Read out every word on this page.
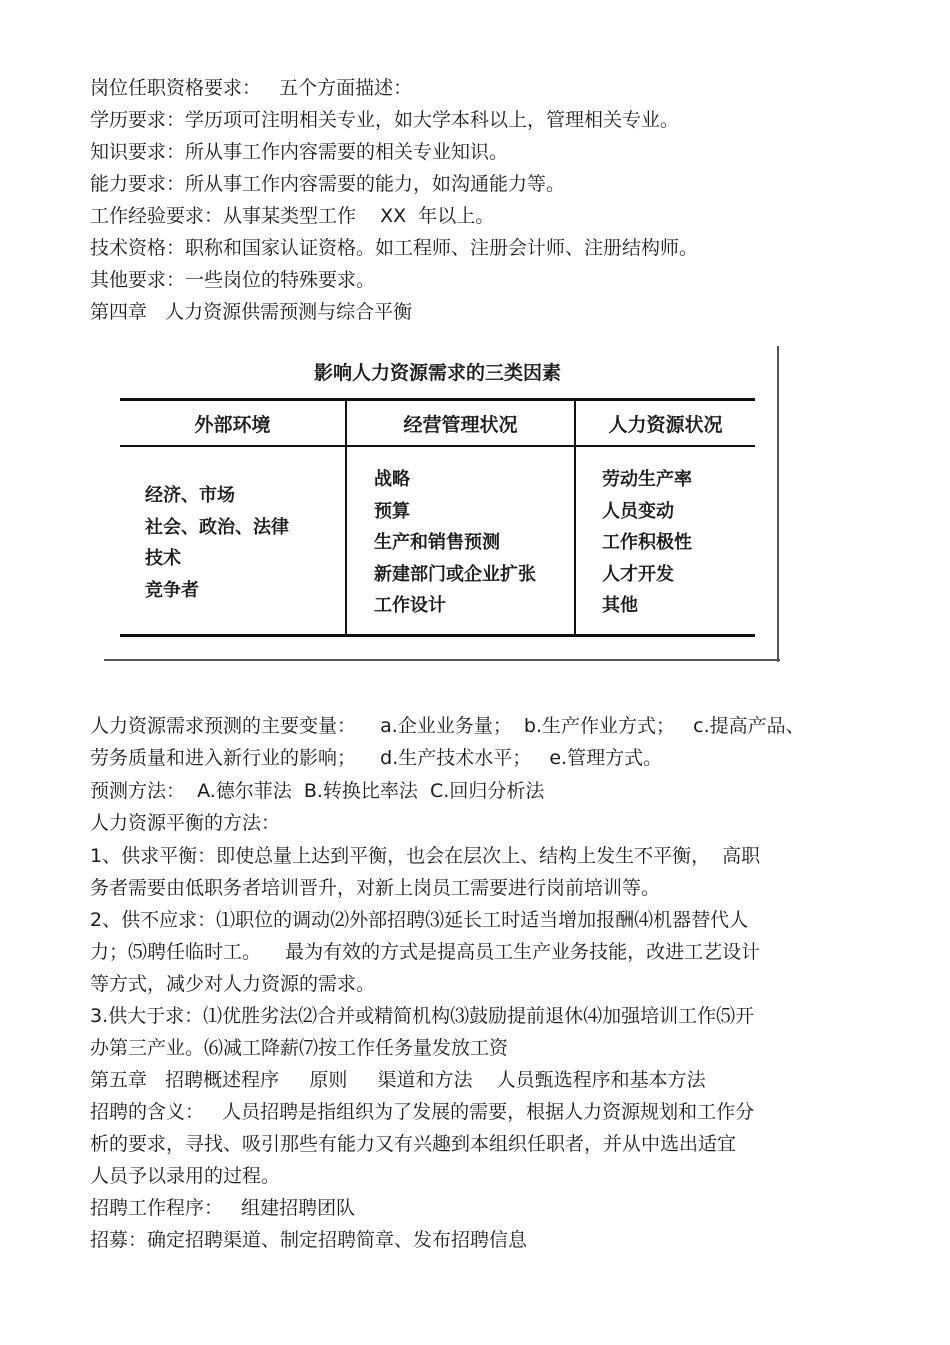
岗位任职资格要求：   五个方面描述：
学历要求：学历项可注明相关专业，如大学本科以上，管理相关专业。
知识要求：所从事工作内容需要的相关专业知识。
能力要求：所从事工作内容需要的能力，如沟通能力等。
工作经验要求：从事某类型工作    XX  年以上。
技术资格：职称和国家认证资格。如工程师、注册会计师、注册结构师。
其他要求：一些岗位的特殊要求。
第四章   人力资源供需预测与综合平衡
影响人力资源需求的三类因素
外部环境	经营管理状况	人力资源状况
经济、市场
社会、政治、法律
技术
竞争者
战略
预算
生产和销售预测
新建部门或企业扩张
工作设计
劳动生产率
人员变动
工作积极性
人才开发
其他
人力资源需求预测的主要变量：    a.企业业务量；  b.生产作业方式；   c.提高产品、
劳务质量和进入新行业的影响；    d.生产技术水平；   e.管理方式。
预测方法：  A.德尔菲法  B.转换比率法  C.回归分析法
人力资源平衡的方法：
1、供求平衡：即使总量上达到平衡，也会在层次上、结构上发生不平衡，  高职
务者需要由低职务者培训晋升，对新上岗员工需要进行岗前培训等。
2、供不应求：⑴职位的调动⑵外部招聘⑶延长工时适当增加报酬⑷机器替代人
力；⑸聘任临时工。    最为有效的方式是提高员工生产业务技能，改进工艺设计
等方式，减少对人力资源的需求。
3.供大于求：⑴优胜劣法⑵合并或精简机构⑶鼓励提前退休⑷加强培训工作⑸开
办第三产业。⑹减工降薪⑺按工作任务量发放工资
第五章   招聘概述程序     原则     渠道和方法    人员甄选程序和基本方法
招聘的含义：   人员招聘是指组织为了发展的需要，根据人力资源规划和工作分
析的要求，寻找、吸引那些有能力又有兴趣到本组织任职者，并从中选出适宜
人员予以录用的过程。
招聘工作程序：   组建招聘团队
招募：确定招聘渠道、制定招聘简章、发布招聘信息
